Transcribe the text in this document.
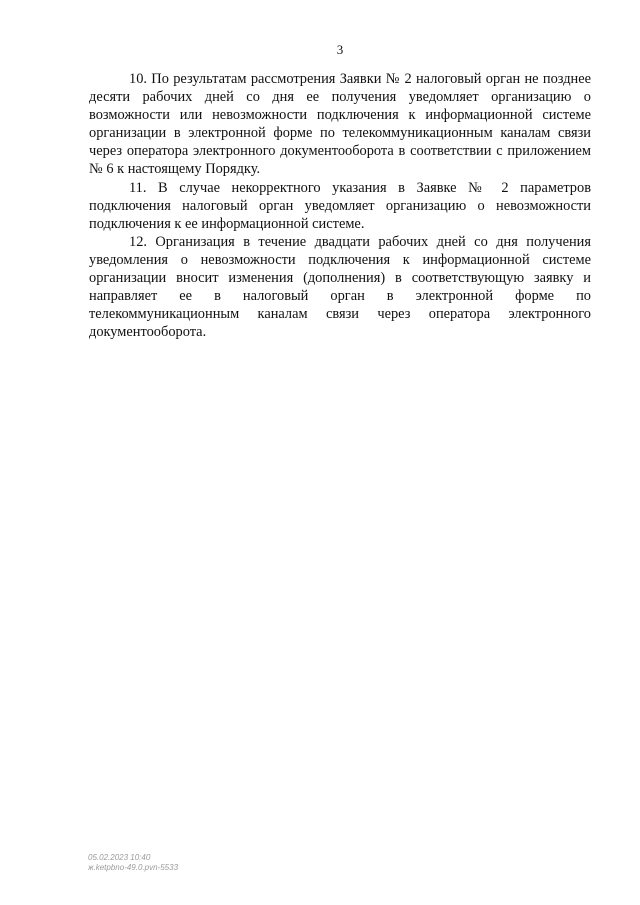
3

10. По результатам рассмотрения Заявки № 2 налоговый орган не позднее десяти рабочих дней со дня ее получения уведомляет организацию о возможности или невозможности подключения к информационной системе организации в электронной форме по телекоммуникационным каналам связи через оператора электронного документооборота в соответствии с приложением № 6 к настоящему Порядку.

11. В случае некорректного указания в Заявке № 2 параметров подключения налоговый орган уведомляет организацию о невозможности подключения к ее информационной системе.

12. Организация в течение двадцати рабочих дней со дня получения уведомления о невозможности подключения к информационной системе организации вносит изменения (дополнения) в соответствующую заявку и направляет ее в налоговый орган в электронной форме по телекоммуникационным каналам связи через оператора электронного документооборота.

05.02.2023 10:40
ж.ketpbno-49.0.pvn-5533
